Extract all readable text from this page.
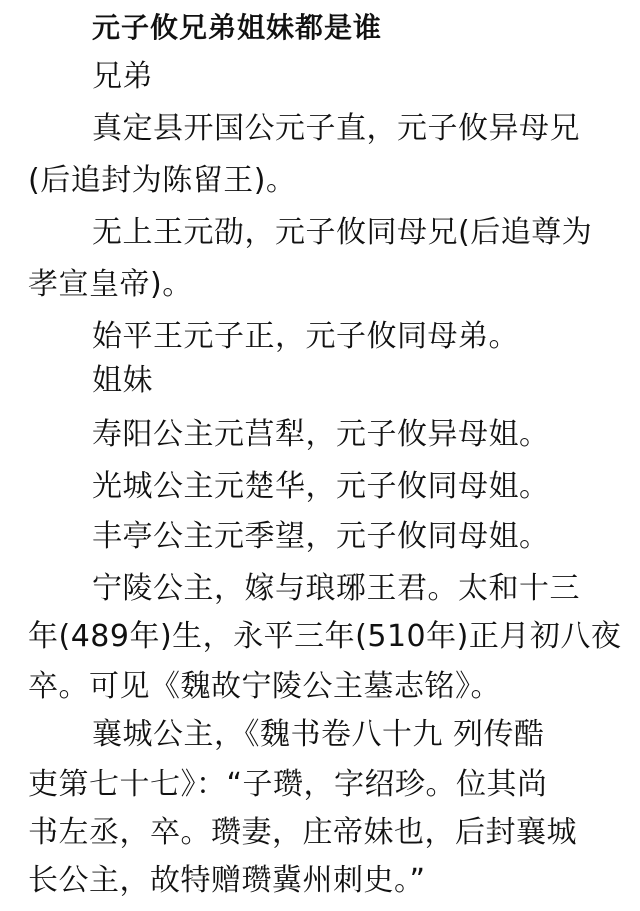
元子攸兄弟姐妹都是谁
兄弟
真定县开国公元子直，元子攸异母兄
(后追封为陈留王)。
无上王元劭，元子攸同母兄(后追尊为
孝宣皇帝)。
始平王元子正，元子攸同母弟。
姐妹
寿阳公主元莒犁，元子攸异母姐。
光城公主元楚华，元子攸同母姐。
丰亭公主元季望，元子攸同母姐。
宁陵公主，嫁与琅琊王君。太和十三
年(489年)生，永平三年(510年)正月初八夜
卒。可见《魏故宁陵公主墓志铭》。
襄城公主，《魏书卷八十九 列传酷
吏第七十七》：“子瓒，字绍珍。位其尚
书左丞，卒。瓒妻，庄帝妹也，后封襄城
长公主，故特赠瓒冀州刺史。”
